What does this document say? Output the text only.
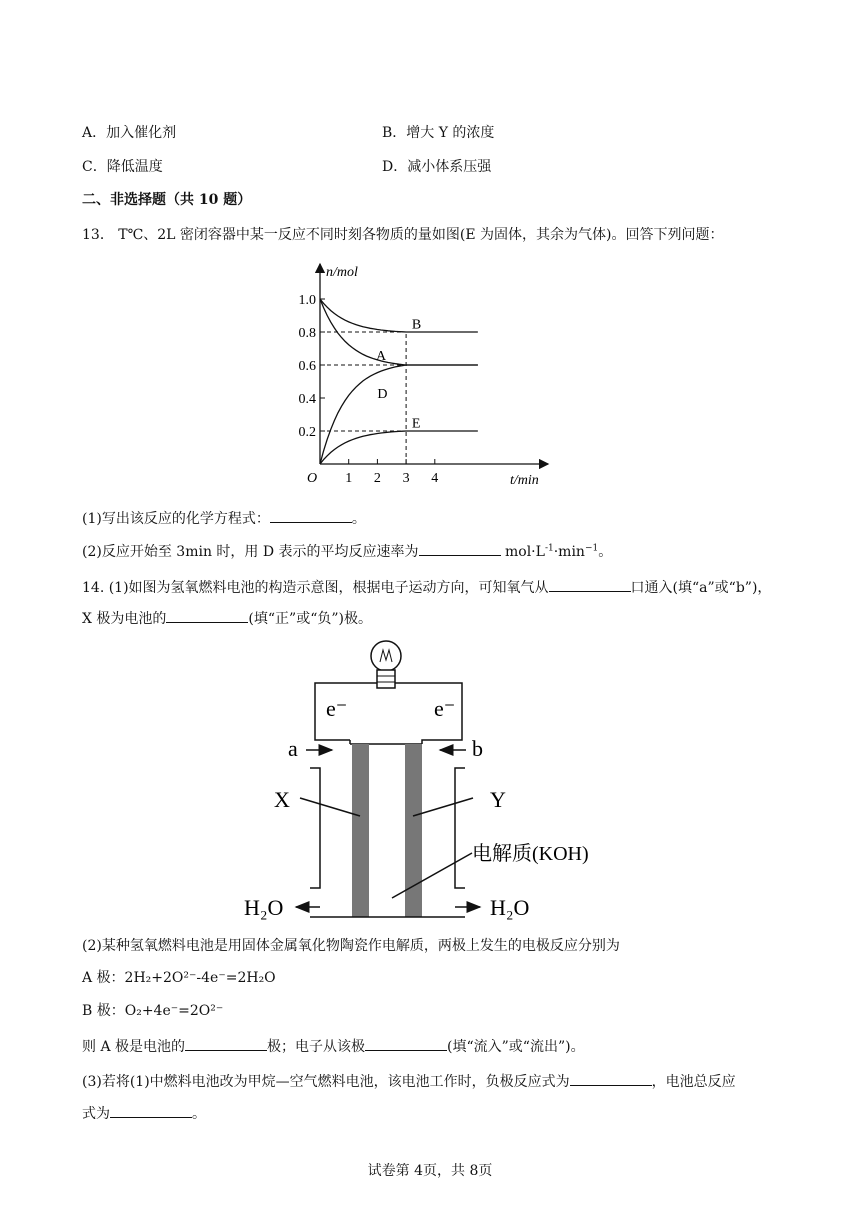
A．加入催化剂	B．增大 Y 的浓度
C．降低温度	D．减小体系压强
二、非选择题（共 10 题）
13． T℃、2L 密闭容器中某一反应不同时刻各物质的量如图(E 为固体，其余为气体)。回答下列问题：
n/mol
t/min
0.2
0.4
0.6
0.8
1.0
O 1 2 3 4
A
B
D
E
(1)写出该反应的化学方程式：	。
(2)反应开始至 3min 时，用 D 表示的平均反应速率为	$mol\cdot L^{-1}\cdot\min^{-1}$。
14. (1)如图为氢氧燃料电池的构造示意图，根据电子运动方向，可知氧气从	口通入(填“a”或“b”)，
X 极为电池的	(填“正”或“负”)极。
e⁻	e⁻
a	b
X	Y
电解质(KOH)
H₂O	H₂O
(2)某种氢氧燃料电池是用固体金属氧化物陶瓷作电解质，两极上发生的电极反应分别为
A 极：2H₂+2O²⁻-4e⁻=2H₂O
B 极：O₂+4e⁻=2O²⁻
则 A 极是电池的	极；电子从该极	(填“流入”或“流出”)。
(3)若将(1)中燃料电池改为甲烷—空气燃料电池，该电池工作时，负极反应式为	，电池总反应
式为	。
试卷第 4页，共 8页
